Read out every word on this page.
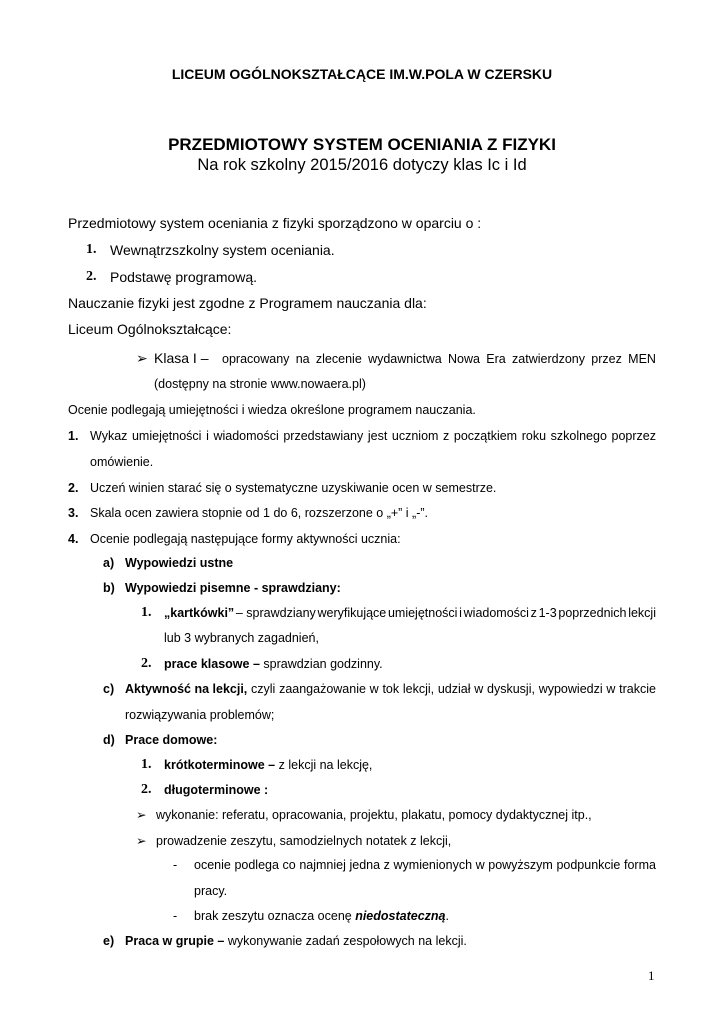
LICEUM OGÓLNOKSZTAŁCĄCE IM.W.POLA W CZERSKU
PRZEDMIOTOWY SYSTEM OCENIANIA Z FIZYKI
Na rok szkolny 2015/2016 dotyczy klas Ic i Id
Przedmiotowy system oceniania z fizyki sporządzono w oparciu o :
1. Wewnątrzszkolny system oceniania.
2. Podstawę programową.
Nauczanie fizyki jest zgodne z Programem nauczania dla:
Liceum Ogólnokształcące:
➢ Klasa I – opracowany na zlecenie wydawnictwa Nowa Era zatwierdzony przez MEN
(dostępny na stronie www.nowaera.pl)
Ocenie podlegają umiejętności i wiedza określone programem nauczania.
1. Wykaz umiejętności i wiadomości przedstawiany jest uczniom z początkiem roku szkolnego poprzez
omówienie.
2. Uczeń winien starać się o systematyczne uzyskiwanie ocen w semestrze.
3. Skala ocen zawiera stopnie od 1 do 6, rozszerzone o „+” i „-”.
4. Ocenie podlegają następujące formy aktywności ucznia:
a) Wypowiedzi ustne
b) Wypowiedzi pisemne - sprawdziany:
1. „kartkówki” – sprawdziany weryfikujące umiejętności i wiadomości z 1-3 poprzednich lekcji
lub 3 wybranych zagadnień,
2. prace klasowe – sprawdzian godzinny.
c) Aktywność na lekcji, czyli zaangażowanie w tok lekcji, udział w dyskusji, wypowiedzi w trakcie
rozwiązywania problemów;
d) Prace domowe:
1. krótkoterminowe – z lekcji na lekcję,
2. długoterminowe :
➢ wykonanie: referatu, opracowania, projektu, plakatu, pomocy dydaktycznej itp.,
➢ prowadzenie zeszytu, samodzielnych notatek z lekcji,
- ocenie podlega co najmniej jedna z wymienionych w powyższym podpunkcie forma
pracy.
- brak zeszytu oznacza ocenę niedostateczną.
e) Praca w grupie – wykonywanie zadań zespołowych na lekcji.
1
